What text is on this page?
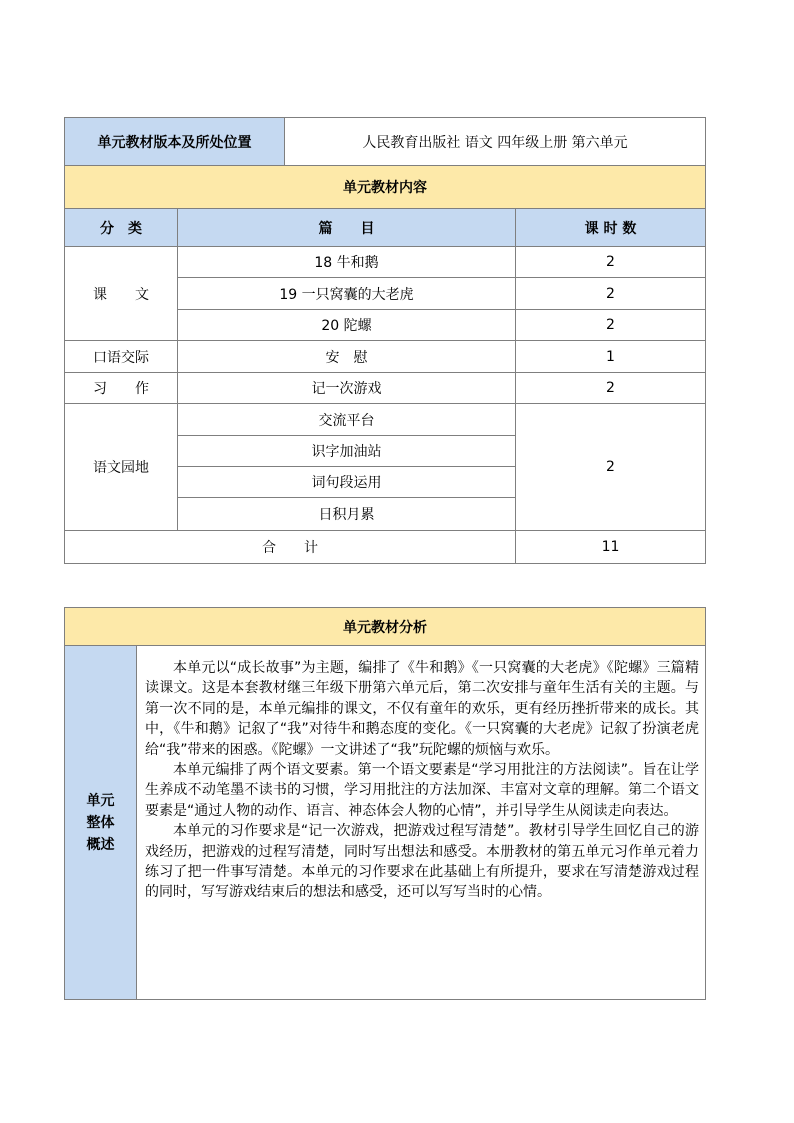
单元教材版本及所处位置		人民教育出版社 语文 四年级上册 第六单元	
单元教材内容			
分　类	篇　　目		课 时 数
课　　文	18 牛和鹅		2
	19 一只窝囊的大老虎		2
	20 陀螺		2
口语交际	安　慰		1
习　　作	记一次游戏		2
语文园地	交流平台		2
	识字加油站		
	词句段运用		
	日积月累		
合　　计			11
单元教材分析

单元
整体
概述

本单元以“成长故事”为主题，编排了《牛和鹅》《一只窝囊的大老虎》《陀螺》三篇精读课文。这是本套教材继三年级下册第六单元后，第二次安排与童年生活有关的主题。与第一次不同的是，本单元编排的课文，不仅有童年的欢乐，更有经历挫折带来的成长。其中，《牛和鹅》记叙了“我”对待牛和鹅态度的变化。《一只窝囊的大老虎》记叙了扮演老虎给“我”带来的困惑。《陀螺》一文讲述了“我”玩陀螺的烦恼与欢乐。

本单元编排了两个语文要素。第一个语文要素是“学习用批注的方法阅读”。旨在让学生养成不动笔墨不读书的习惯，学习用批注的方法加深、丰富对文章的理解。第二个语文要素是“通过人物的动作、语言、神态体会人物的心情”，并引导学生从阅读走向表达。

本单元的习作要求是“记一次游戏，把游戏过程写清楚”。教材引导学生回忆自己的游戏经历，把游戏的过程写清楚，同时写出想法和感受。本册教材的第五单元习作单元着力练习了把一件事写清楚。本单元的习作要求在此基础上有所提升，要求在写清楚游戏过程的同时，写写游戏结束后的想法和感受，还可以写写当时的心情。
